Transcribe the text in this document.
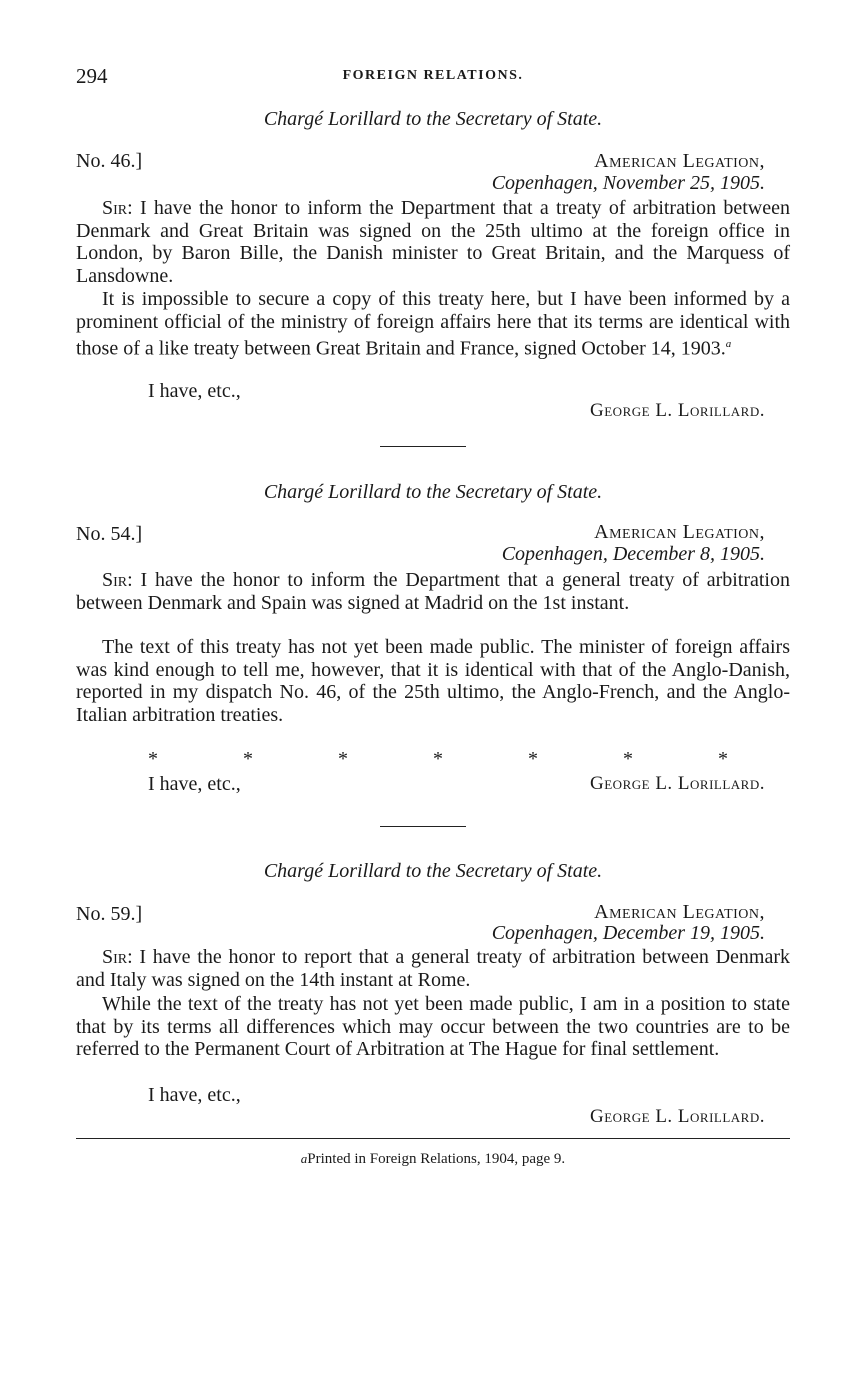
294	FOREIGN RELATIONS.
Chargé Lorillard to the Secretary of State.
No. 46.]	American Legation,
Copenhagen, November 25, 1905.

Sir: I have the honor to inform the Department that a treaty of arbitration between Denmark and Great Britain was signed on the 25th ultimo at the foreign office in London, by Baron Bille, the Danish minister to Great Britain, and the Marquess of Lansdowne.

It is impossible to secure a copy of this treaty here, but I have been informed by a prominent official of the ministry of foreign affairs here that its terms are identical with those of a like treaty between Great Britain and France, signed October 14, 1903.$^a$

I have, etc.,
George L. Lorillard.
Chargé Lorillard to the Secretary of State.
No. 54.]	American Legation,
Copenhagen, December 8, 1905.

Sir: I have the honor to inform the Department that a general treaty of arbitration between Denmark and Spain was signed at Madrid on the 1st instant.

The text of this treaty has not yet been made public. The minister of foreign affairs was kind enough to tell me, however, that it is identical with that of the Anglo-Danish, reported in my dispatch No. 46, of the 25th ultimo, the Anglo-French, and the Anglo-Italian arbitration treaties.

*	*	*	*	*	*	*
I have, etc.,	George L. Lorillard.
Chargé Lorillard to the Secretary of State.
No. 59.]	American Legation,
Copenhagen, December 19, 1905.

Sir: I have the honor to report that a general treaty of arbitration between Denmark and Italy was signed on the 14th instant at Rome.

While the text of the treaty has not yet been made public, I am in a position to state that by its terms all differences which may occur between the two countries are to be referred to the Permanent Court of Arbitration at The Hague for final settlement.

I have, etc.,
George L. Lorillard.
aPrinted in Foreign Relations, 1904, page 9.
